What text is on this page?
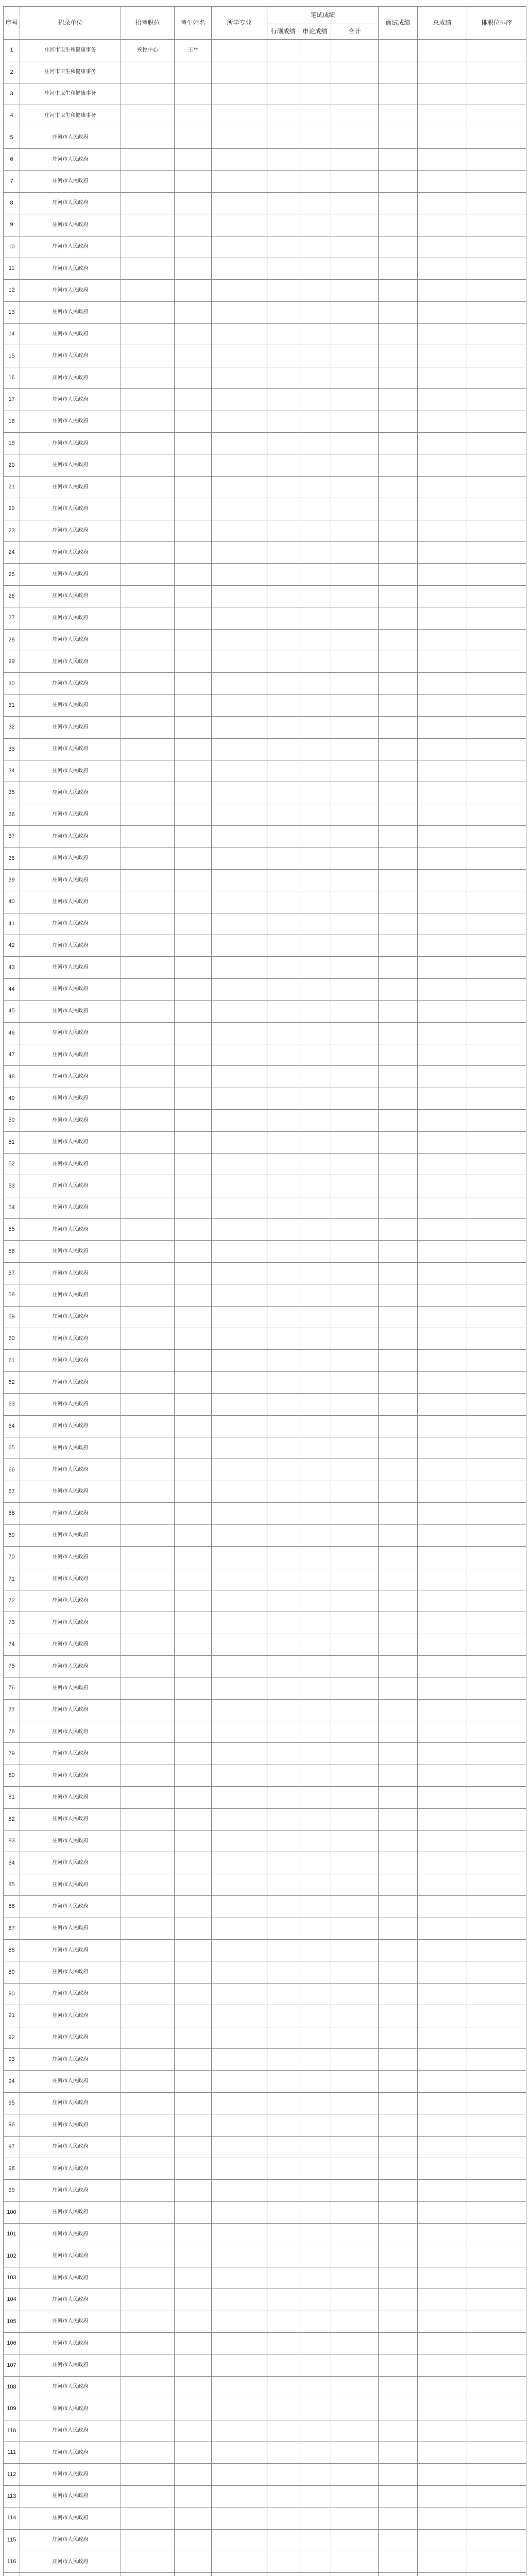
序号	招录单位	招考职位	考生姓名	所学专业	笔试成绩			面试成绩	总成绩	排职位排序
					行测成绩	申论成绩	合计			
1	庄河市卫生和健康事务	疾控中心	王**							
2	庄河市卫生和健康事务									
3	庄河市卫生和健康事务									
4	庄河市卫生和健康事务									
5	庄河市人民政府									
6	庄河市人民政府									
7	庄河市人民政府									
8	庄河市人民政府									
9	庄河市人民政府									
10	庄河市人民政府									
11	庄河市人民政府									
12	庄河市人民政府									
13	庄河市人民政府									
14	庄河市人民政府									
15	庄河市人民政府									
16	庄河市人民政府									
17	庄河市人民政府									
18	庄河市人民政府									
19	庄河市人民政府									
20	庄河市人民政府									
21	庄河市人民政府									
22	庄河市人民政府									
23	庄河市人民政府									
24	庄河市人民政府									
25	庄河市人民政府									
26	庄河市人民政府									
27	庄河市人民政府									
28	庄河市人民政府									
29	庄河市人民政府									
30	庄河市人民政府									
31	庄河市人民政府									
32	庄河市人民政府									
33	庄河市人民政府									
34	庄河市人民政府									
35	庄河市人民政府									
36	庄河市人民政府									
37	庄河市人民政府									
38	庄河市人民政府									
39	庄河市人民政府									
40	庄河市人民政府									
41	庄河市人民政府									
42	庄河市人民政府									
43	庄河市人民政府									
44	庄河市人民政府									
45	庄河市人民政府									
46	庄河市人民政府									
47	庄河市人民政府									
48	庄河市人民政府									
49	庄河市人民政府									
50	庄河市人民政府									
51	庄河市人民政府									
52	庄河市人民政府									
53	庄河市人民政府									
54	庄河市人民政府									
55	庄河市人民政府									
56	庄河市人民政府									
57	庄河市人民政府									
58	庄河市人民政府									
59	庄河市人民政府									
60	庄河市人民政府									
61	庄河市人民政府									
62	庄河市人民政府									
63	庄河市人民政府									
64	庄河市人民政府									
65	庄河市人民政府									
66	庄河市人民政府									
67	庄河市人民政府									
68	庄河市人民政府									
69	庄河市人民政府									
70	庄河市人民政府									
71	庄河市人民政府									
72	庄河市人民政府									
73	庄河市人民政府									
74	庄河市人民政府									
75	庄河市人民政府									
76	庄河市人民政府									
77	庄河市人民政府									
78	庄河市人民政府									
79	庄河市人民政府									
80	庄河市人民政府									
81	庄河市人民政府									
82	庄河市人民政府									
83	庄河市人民政府									
84	庄河市人民政府									
85	庄河市人民政府									
86	庄河市人民政府									
87	庄河市人民政府									
88	庄河市人民政府									
89	庄河市人民政府									
90	庄河市人民政府									
91	庄河市人民政府									
92	庄河市人民政府									
93	庄河市人民政府									
94	庄河市人民政府									
95	庄河市人民政府									
96	庄河市人民政府									
97	庄河市人民政府									
98	庄河市人民政府									
99	庄河市人民政府									
100	庄河市人民政府									
101	庄河市人民政府									
102	庄河市人民政府									
103	庄河市人民政府									
104	庄河市人民政府									
105	庄河市人民政府									
106	庄河市人民政府									
107	庄河市人民政府									
108	庄河市人民政府									
109	庄河市人民政府									
110	庄河市人民政府									
111	庄河市人民政府									
112	庄河市人民政府									
113	庄河市人民政府									
114	庄河市人民政府									
115	庄河市人民政府									
116	庄河市人民政府									
